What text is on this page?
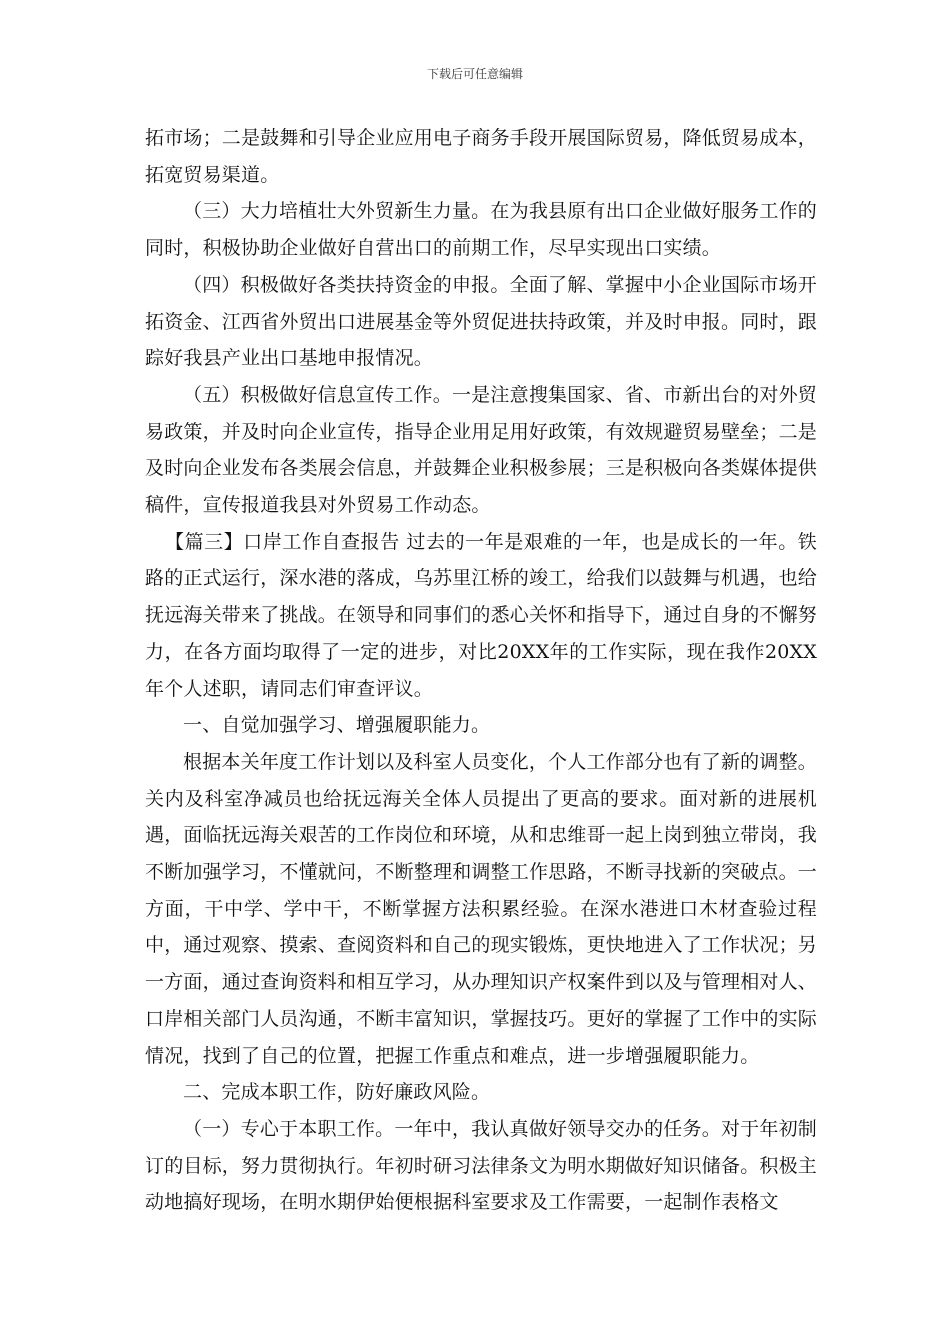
下载后可任意编辑

拓市场；二是鼓舞和引导企业应用电子商务手段开展国际贸易，降低贸易成本，拓宽贸易渠道。

（三）大力培植壮大外贸新生力量。在为我县原有出口企业做好服务工作的同时，积极协助企业做好自营出口的前期工作，尽早实现出口实绩。

（四）积极做好各类扶持资金的申报。全面了解、掌握中小企业国际市场开拓资金、江西省外贸出口进展基金等外贸促进扶持政策，并及时申报。同时，跟踪好我县产业出口基地申报情况。

（五）积极做好信息宣传工作。一是注意搜集国家、省、市新出台的对外贸易政策，并及时向企业宣传，指导企业用足用好政策，有效规避贸易壁垒；二是及时向企业发布各类展会信息，并鼓舞企业积极参展；三是积极向各类媒体提供稿件，宣传报道我县对外贸易工作动态。

【篇三】口岸工作自查报告 过去的一年是艰难的一年，也是成长的一年。铁路的正式运行，深水港的落成，乌苏里江桥的竣工，给我们以鼓舞与机遇，也给抚远海关带来了挑战。在领导和同事们的悉心关怀和指导下，通过自身的不懈努力，在各方面均取得了一定的进步，对比20XX年的工作实际，现在我作20XX年个人述职，请同志们审查评议。

一、自觉加强学习、增强履职能力。

根据本关年度工作计划以及科室人员变化，个人工作部分也有了新的调整。关内及科室净减员也给抚远海关全体人员提出了更高的要求。面对新的进展机遇，面临抚远海关艰苦的工作岗位和环境，从和忠维哥一起上岗到独立带岗，我不断加强学习，不懂就问，不断整理和调整工作思路，不断寻找新的突破点。一方面，干中学、学中干，不断掌握方法积累经验。在深水港进口木材查验过程中，通过观察、摸索、查阅资料和自己的现实锻炼，更快地进入了工作状况；另一方面，通过查询资料和相互学习，从办理知识产权案件到以及与管理相对人、口岸相关部门人员沟通，不断丰富知识，掌握技巧。更好的掌握了工作中的实际情况，找到了自己的位置，把握工作重点和难点，进一步增强履职能力。

二、完成本职工作，防好廉政风险。

（一）专心于本职工作。一年中，我认真做好领导交办的任务。对于年初制订的目标，努力贯彻执行。年初时研习法律条文为明水期做好知识储备。积极主动地搞好现场，在明水期伊始便根据科室要求及工作需要，一起制作表格文
